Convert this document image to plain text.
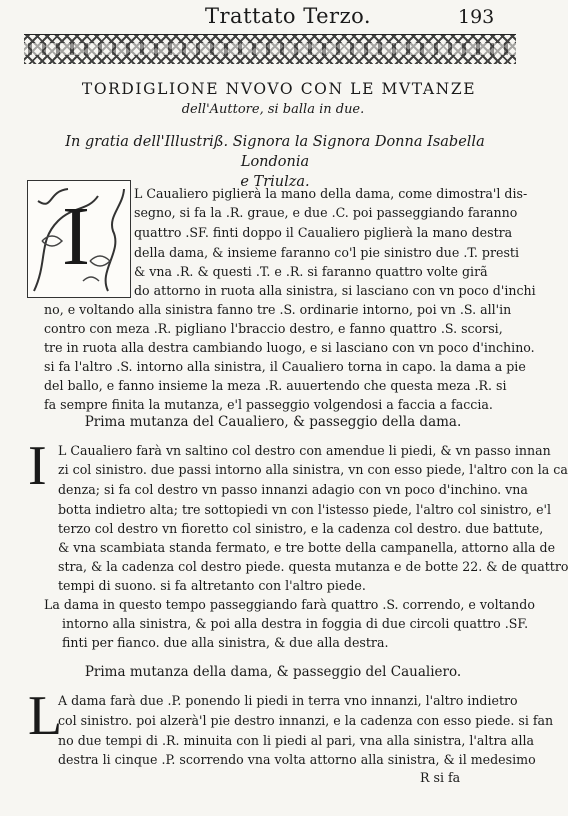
Trattato Terzo.	193
TORDIGLIONE NVOVO CON LE MVTANZE
dell'Auttore, si balla in due.
In gratia dell'Illustriß. Signora la Signora Donna Isabella Londonia
e Triulza.
I	L Caualiero piglierà la mano della dama, come dimostra'l dis-
segno, si fa la .R. graue, e due .C. poi passeggiando faranno
quattro .SF. finti doppo il Caualiero piglierà la mano destra
della dama, & insieme faranno co'l pie sinistro due .T. presti
& vna .R. & questi .T. e .R. si faranno quattro volte girã
do attorno in ruota alla sinistra, si lasciano con vn poco d'inchi
no, e voltando alla sinistra fanno tre .S. ordinarie intorno, poi vn .S. all'in
contro con meza .R. pigliano l'braccio destro, e fanno quattro .S. scorsi,
tre in ruota alla destra cambiando luogo, e si lasciano con vn poco d'inchino.
si fa l'altro .S. intorno alla sinistra, il Caualiero torna in capo. la dama a pie
del ballo, e fanno insieme la meza .R. auuertendo che questa meza .R. si
fa sempre finita la mutanza, e'l passeggio volgendosi a faccia a faccia.
Prima mutanza del Caualiero, & passeggio della dama.
I L Caualiero farà vn saltino col destro con amendue li piedi, & vn passo innan
zi col sinistro. due passi intorno alla sinistra, vn con esso piede, l'altro con la ca
denza; si fa col destro vn passo innanzi adagio con vn poco d'inchino. vna
botta indietro alta; tre sottopiedi vn con l'istesso piede, l'altro col sinistro, e'l
terzo col destro vn fioretto col sinistro, e la cadenza col destro. due battute,
& vna scambiata standa fermato, e tre botte della campanella, attorno alla de
stra, & la cadenza col destro piede. questa mutanza e de botte 22. & de quattro
tempi di suono. si fa altretanto con l'altro piede.
La dama in questo tempo passeggiando farà quattro .S. correndo, e voltando
intorno alla sinistra, & poi alla destra in foggia di due circoli quattro .SF.
finti per fianco. due alla sinistra, & due alla destra.
Prima mutanza della dama, & passeggio del Caualiero.
L
A dama farà due .P. ponendo li piedi in terra vno innanzi, l'altro indietro
col sinistro. poi alzerà'l pie destro innanzi, e la cadenza con esso piede. si fan
no due tempi di .R. minuita con li piedi al pari, vna alla sinistra, l'altra alla
destra li cinque .P. scorrendo vna volta attorno alla sinistra, & il medesimo
R si fa
